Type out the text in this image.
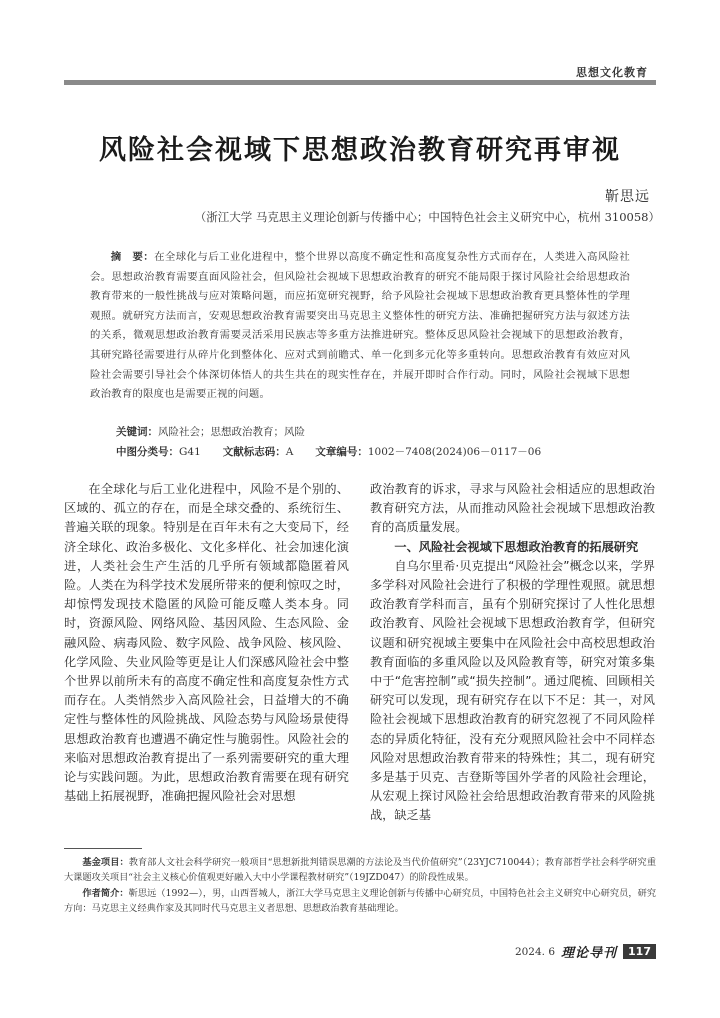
思想文化教育
风险社会视域下思想政治教育研究再审视
靳思远
（浙江大学 马克思主义理论创新与传播中心；中国特色社会主义研究中心，杭州 310058）
摘　要：在全球化与后工业化进程中，整个世界以高度不确定性和高度复杂性方式而存在，人类进入高风险社会。思想政治教育需要直面风险社会，但风险社会视域下思想政治教育的研究不能局限于探讨风险社会给思想政治教育带来的一般性挑战与应对策略问题，而应拓宽研究视野，给予风险社会视域下思想政治教育更具整体性的学理观照。就研究方法而言，安观思想政治教育需要突出马克思主义整体性的研究方法、准确把握研究方法与叙述方法的关系，微观思想政治教育需要灵活采用民族志等多重方法推进研究。整体反思风险社会视域下的思想政治教育，其研究路径需要进行从碎片化到整体化、应对式到前瞻式、单一化到多元化等多重转向。思想政治教育有效应对风险社会需要引导社会个体深切体悟人的共生共在的现实性存在，并展开即时合作行动。同时，风险社会视域下思想政治教育的限度也是需要正视的问题。
关键词：风险社会；思想政治教育；风险
中图分类号：G41 文献标志码：A 文章编号：1002－7408(2024)06－0117－06

在全球化与后工业化进程中，风险不是个别的、区域的、孤立的存在，而是全球交叠的、系统衍生、普遍关联的现象。特别是在百年未有之大变局下，经济全球化、政治多极化、文化多样化、社会加速化演进，人类社会生产生活的几乎所有领域都隐匿着风险。人类在为科学技术发展所带来的便利惊叹之时，却惊愕发现技术隐匿的风险可能反噬人类本身。同时，资源风险、网络风险、基因风险、生态风险、金融风险、病毒风险、数字风险、战争风险、核风险、化学风险、失业风险等更是让人们深感风险社会中整个世界以前所未有的高度不确定性和高度复杂性方式而存在。人类悄然步入高风险社会，日益增大的不确定性与整体性的风险挑战、风险态势与风险场景使得思想政治教育也遭遇不确定性与脆弱性。风险社会的来临对思想政治教育提出了一系列需要研究的重大理论与实践问题。为此，思想政治教育需要在现有研究基础上拓展视野，准确把握风险社会对思想

政治教育的诉求，寻求与风险社会相适应的思想政治教育研究方法，从而推动风险社会视域下思想政治教育的高质量发展。

一、风险社会视域下思想政治教育的拓展研究

自乌尔里希·贝克提出“风险社会”概念以来，学界多学科对风险社会进行了积极的学理性观照。就思想政治教育学科而言，虽有个别研究探讨了人性化思想政治教育、风险社会视域下思想政治教育学，但研究议题和研究视域主要集中在风险社会中高校思想政治教育面临的多重风险以及风险教育等，研究对策多集中于“危害控制”或“损失控制”。通过爬梳、回顾相关研究可以发现，现有研究存在以下不足：其一，对风险社会视域下思想政治教育的研究忽视了不同风险样态的异质化特征，没有充分观照风险社会中不同样态风险对思想政治教育带来的特殊性；其二，现有研究多是基于贝克、吉登斯等国外学者的风险社会理论，从宏观上探讨风险社会给思想政治教育带来的风险挑战，缺乏基

基金项目：教育部人文社会科学研究一般项目“思想新批判错误思潮的方法论及当代价值研究”（23YJC710044）；教育部哲学社会科学研究重大课题攻关项目“社会主义核心价值观更好融入大中小学课程教材研究”（19JZD047）的阶段性成果。

作者简介：靳思远（1992—），男，山西晋城人，浙江大学马克思主义理论创新与传播中心研究员，中国特色社会主义研究中心研究员，研究方向：马克思主义经典作家及其同时代马克思主义者思想、思想政治教育基础理论。

2024. 6 理论导刊	117
